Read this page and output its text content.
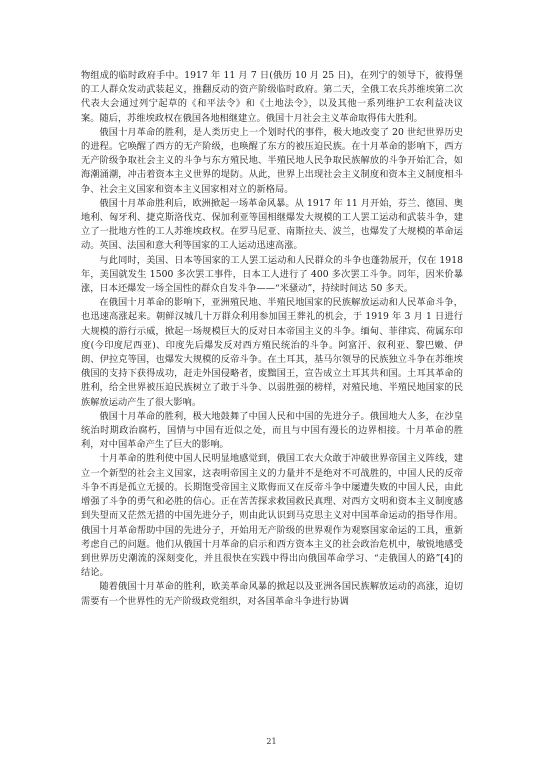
物组成的临时政府手中。1917 年 11 月 7 日(俄历 10 月 25 日)，在列宁的领导下，彼得堡的工人群众发动武装起义，推翻反动的资产阶级临时政府。第二天，全俄工农兵苏维埃第二次代表大会通过列宁起草的《和平法令》和《土地法令》，以及其他一系列维护工农利益决议案。随后，苏维埃政权在俄国各地相继建立。俄国十月社会主义革命取得伟大胜利。

俄国十月革命的胜利，是人类历史上一个划时代的事件，极大地改变了 20 世纪世界历史的进程。它唤醒了西方的无产阶级，也唤醒了东方的被压迫民族。在十月革命的影响下，西方无产阶级争取社会主义的斗争与东方殖民地、半殖民地人民争取民族解放的斗争开始汇合，如海潮涌潮，冲击着资本主义世界的堤防。从此，世界上出现社会主义制度和资本主义制度相斗争、社会主义国家和资本主义国家相对立的新格局。

俄国十月革命胜利后，欧洲掀起一场革命风暴。从 1917 年 11 月开始，芬兰、德国、奥地利、匈牙利、捷克斯洛伐克、保加利亚等国相继爆发大规模的工人罢工运动和武装斗争，建立了一批地方性的工人苏维埃政权。在罗马尼亚、南斯拉夫、波兰，也爆发了大规模的革命运动。英国、法国和意大利等国家的工人运动迅速高涨。

与此同时，美国、日本等国家的工人罢工运动和人民群众的斗争也蓬勃展开，仅在 1918 年，美国就发生 1500 多次罢工事件，日本工人进行了 400 多次罢工斗争。同年，因米价暴涨，日本还爆发一场全国性的群众自发斗争——“米骚动”，持续时间达 50 多天。

在俄国十月革命的影响下，亚洲殖民地、半殖民地国家的民族解放运动和人民革命斗争，也迅速高涨起来。朝鲜汉城几十万群众利用参加国王葬礼的机会，于 1919 年 3 月 1 日进行大规模的游行示威，掀起一场规模巨大的反对日本帝国主义的斗争。缅甸、菲律宾、荷属东印度(今印度尼西亚)、印度先后爆发反对西方殖民统治的斗争。阿富汗、叙利亚、黎巴嫩、伊朗、伊拉克等国，也爆发大规模的反帝斗争。在土耳其，基马尔领导的民族独立斗争在苏维埃俄国的支持下获得成功，赶走外国侵略者，废黜国王，宣告成立土耳其共和国。土耳其革命的胜利，给全世界被压迫民族树立了敢于斗争、以弱胜强的榜样，对殖民地、半殖民地国家的民族解放运动产生了很大影响。

俄国十月革命的胜利，极大地鼓舞了中国人民和中国的先进分子。俄国地大人多，在沙皇统治时期政治腐朽，国情与中国有近似之处，而且与中国有漫长的边界相接。十月革命的胜利，对中国革命产生了巨大的影响。

十月革命的胜利使中国人民明显地感觉到，俄国工农大众敢于冲破世界帝国主义阵线，建立一个新型的社会主义国家，这表明帝国主义的力量并不是绝对不可战胜的，中国人民的反帝斗争不再是孤立无援的。长期饱受帝国主义欺侮而又在反帝斗争中屡遭失败的中国人民，由此增强了斗争的勇气和必胜的信心。正在苦苦探求救国救民真理、对西方文明和资本主义制度感到失望而又茫然无措的中国先进分子，则由此认识到马克思主义对中国革命运动的指导作用。俄国十月革命帮助中国的先进分子，开始用无产阶级的世界观作为观察国家命运的工具，重新考虑自己的问题。他们从俄国十月革命的启示和西方资本主义的社会政治危机中，敏锐地感受到世界历史潮流的深刻变化，并且很快在实践中得出向俄国革命学习、“走俄国人的路”[4]的结论。

随着俄国十月革命的胜利，欧美革命风暴的掀起以及亚洲各国民族解放运动的高涨，迫切需要有一个世界性的无产阶级政党组织，对各国革命斗争进行协调

21
